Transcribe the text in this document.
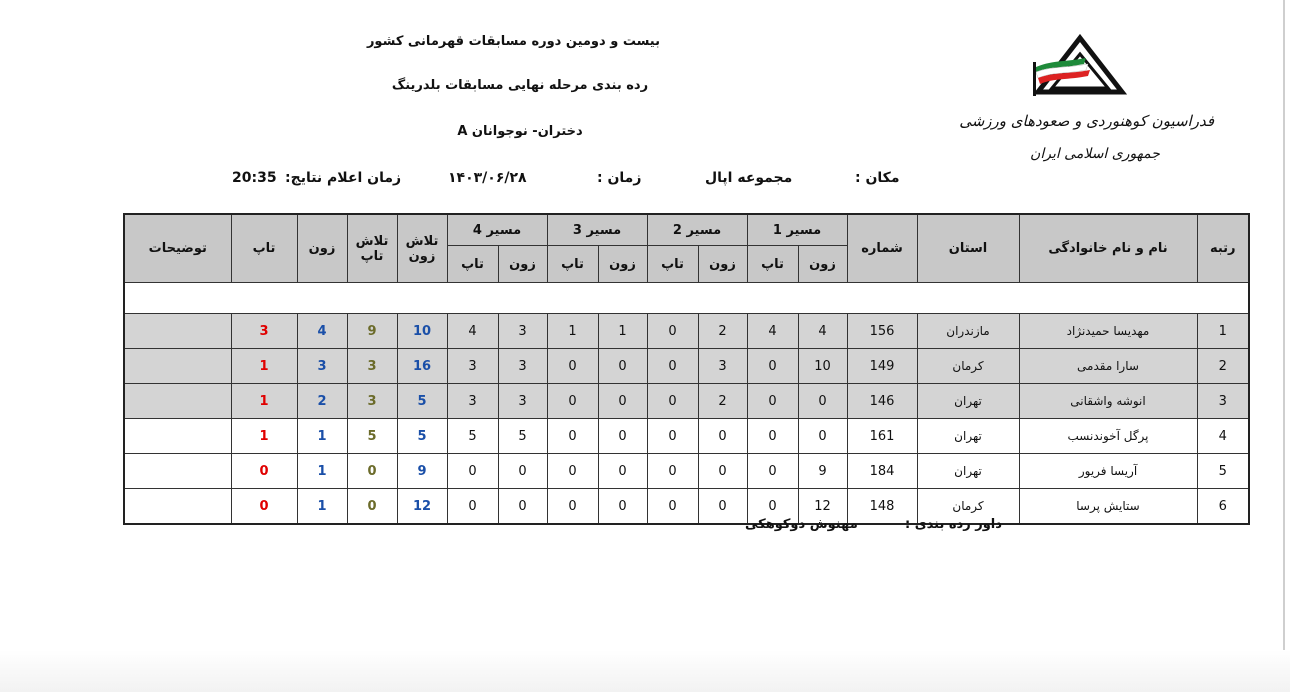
بیست و دومین دوره مسابقات قهرمانی کشور
رده بندی مرحله نهایی مسابقات بلدرینگ
دختران- نوجوانان A
مکان :
مجموعه اپال
زمان :
۱۴۰۳/۰۶/۲۸
زمان اعلام نتایج:
20:35
فدراسیون کوهنوردی و صعودهای ورزشی
جمهوری اسلامی ایران
رتبه	نام و نام خانوادگی	استان	شماره	مسیر 1		مسیر 2		مسیر 3		مسیر 4		تلاش زون	تلاش تاپ	زون	تاپ	توضیحات
				زون	تاپ	زون	تاپ	زون	تاپ	زون	تاپ					

1	مهدیسا حمیدنژاد	مازندران	156	4	4	2	0	1	1	3	4	10	9	4	3	
2	سارا مقدمی	کرمان	149	10	0	3	0	0	0	3	3	16	3	3	1	
3	انوشه واشقانی	تهران	146	0	0	2	0	0	0	3	3	5	3	2	1	
4	پرگل آخوندنسب	تهران	161	0	0	0	0	0	0	5	5	5	5	1	1	
5	آریسا فریور	تهران	184	9	0	0	0	0	0	0	0	9	0	1	0	
6	ستایش پرسا	کرمان	148	12	0	0	0	0	0	0	0	12	0	1	0	
داور رده بندی :
مهنوش دوکوهکی
